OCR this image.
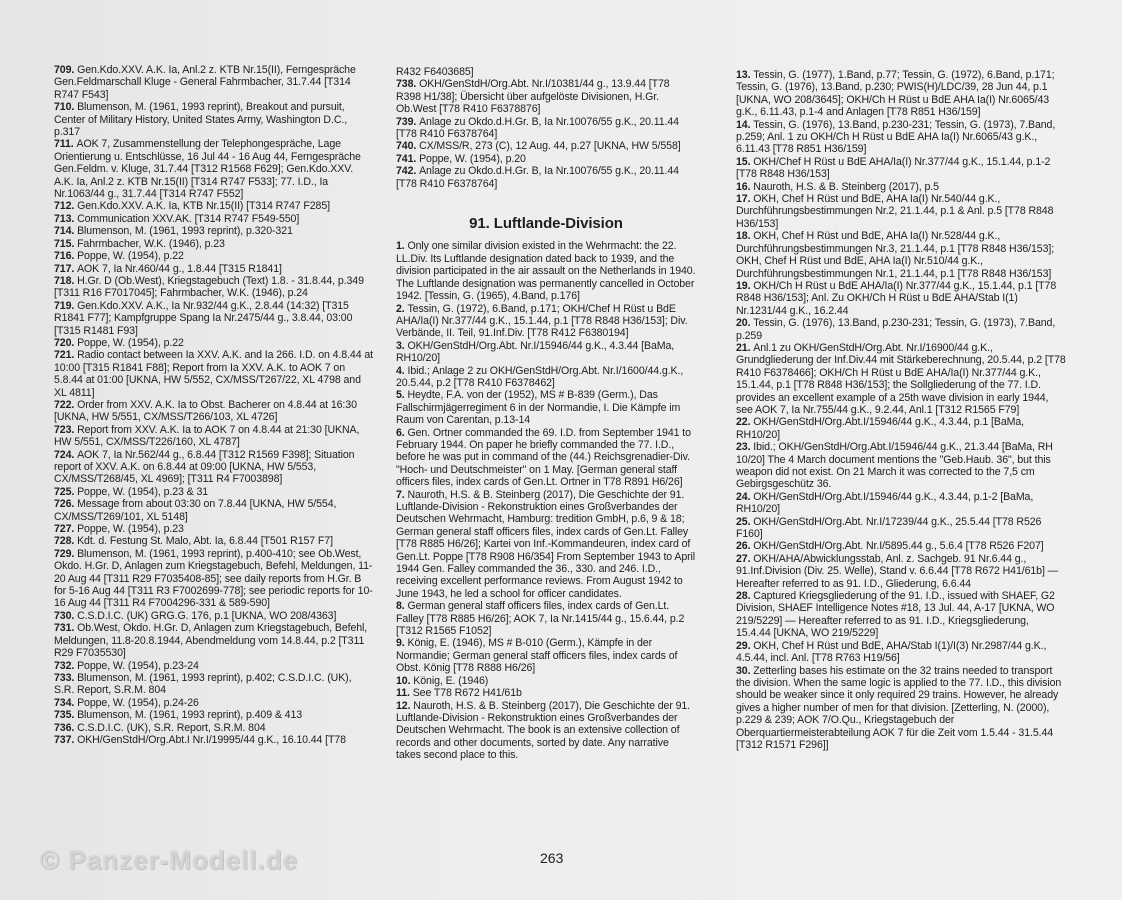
709. Gen.Kdo.XXV. A.K. Ia, Anl.2 z. KTB Nr.15(II), Ferngespräche Gen.Feldmarschall Kluge - General Fahrmbacher, 31.7.44 [T314 R747 F543]

710. Blumenson, M. (1961, 1993 reprint), Breakout and pursuit, Center of Military History, United States Army, Washington D.C., p.317

711. AOK 7, Zusammenstellung der Telephongespräche, Lage Orientierung u. Entschlüsse, 16 Jul 44 - 16 Aug 44, Ferngespräche Gen.Feldm. v. Kluge, 31.7.44 [T312 R1568 F629]; Gen.Kdo.XXV. A.K. Ia, Anl.2 z. KTB Nr.15(II) [T314 R747 F533]; 77. I.D., Ia Nr.1063/44 g., 31.7.44 [T314 R747 F552]

712. Gen.Kdo.XXV. A.K. Ia, KTB Nr.15(II) [T314 R747 F285]

713. Communication XXV.AK. [T314 R747 F549-550]

714. Blumenson, M. (1961, 1993 reprint), p.320-321

715. Fahrmbacher, W.K. (1946), p.23

716. Poppe, W. (1954), p.22

717. AOK 7, Ia Nr.460/44 g., 1.8.44 [T315 R1841]

718. H.Gr. D (Ob.West), Kriegstagebuch (Text) 1.8. - 31.8.44, p.349 [T311 R16 F7017045]; Fahrmbacher, W.K. (1946), p.24

719. Gen.Kdo.XXV. A.K., Ia Nr.932/44 g.K., 2.8.44 (14:32) [T315 R1841 F77]; Kampfgruppe Spang Ia Nr.2475/44 g., 3.8.44, 03:00 [T315 R1481 F93]

720. Poppe, W. (1954), p.22

721. Radio contact between Ia XXV. A.K. and Ia 266. I.D. on 4.8.44 at 10:00 [T315 R1841 F88]; Report from Ia XXV. A.K. to AOK 7 on 5.8.44 at 01:00 [UKNA, HW 5/552, CX/MSS/T267/22, XL 4798 and XL 4811]

722. Order from XXV. A.K. Ia to Obst. Bacherer on 4.8.44 at 16:30 [UKNA, HW 5/551, CX/MSS/T266/103, XL 4726]

723. Report from XXV. A.K. Ia to AOK 7 on 4.8.44 at 21:30 [UKNA, HW 5/551, CX/MSS/T226/160, XL 4787]

724. AOK 7, Ia Nr.562/44 g., 6.8.44 [T312 R1569 F398]; Situation report of XXV. A.K. on 6.8.44 at 09:00 [UKNA, HW 5/553, CX/MSS/T268/45, XL 4969]; [T311 R4 F7003898]

725. Poppe, W. (1954), p.23 & 31

726. Message from about 03:30 on 7.8.44 [UKNA, HW 5/554, CX/MSS/T269/101, XL 5148]

727. Poppe, W. (1954), p.23

728. Kdt. d. Festung St. Malo, Abt. Ia, 6.8.44 [T501 R157 F7]

729. Blumenson, M. (1961, 1993 reprint), p.400-410; see Ob.West, Okdo. H.Gr. D, Anlagen zum Kriegstagebuch, Befehl, Meldungen, 11-20 Aug 44 [T311 R29 F7035408-85]; see daily reports from H.Gr. B for 5-16 Aug 44 [T311 R3 F7002699-778]; see periodic reports for 10-16 Aug 44 [T311 R4 F7004296-331 & 589-590]

730. C.S.D.I.C. (UK) GRG.G. 176, p.1 [UKNA, WO 208/4363]

731. Ob.West, Okdo. H.Gr. D, Anlagen zum Kriegstagebuch, Befehl, Meldungen, 11.8-20.8.1944, Abendmeldung vom 14.8.44, p.2 [T311 R29 F7035530]

732. Poppe, W. (1954), p.23-24

733. Blumenson, M. (1961, 1993 reprint), p.402; C.S.D.I.C. (UK), S.R. Report, S.R.M. 804

734. Poppe, W. (1954), p.24-26

735. Blumenson, M. (1961, 1993 reprint), p.409 & 413

736. C.S.D.I.C. (UK), S.R. Report, S.R.M. 804

737. OKH/GenStdH/Org.Abt.I Nr.I/19995/44 g.K., 16.10.44 [T78

R432 F6403685]

738. OKH/GenStdH/Org.Abt. Nr.I/10381/44 g., 13.9.44 [T78 R398 H1/38]; Übersicht über aufgelöste Divisionen, H.Gr. Ob.West [T78 R410 F6378876]

739. Anlage zu Okdo.d.H.Gr. B, Ia Nr.10076/55 g.K., 20.11.44 [T78 R410 F6378764]

740. CX/MSS/R, 273 (C), 12 Aug. 44, p.27 [UKNA, HW 5/558]

741. Poppe, W. (1954), p.20

742. Anlage zu Okdo.d.H.Gr. B, Ia Nr.10076/55 g.K., 20.11.44 [T78 R410 F6378764]

91. Luftlande-Division

1. Only one similar division existed in the Wehrmacht: the 22. LL.Div. Its Luftlande designation dated back to 1939, and the division participated in the air assault on the Netherlands in 1940. The Luftlande designation was permanently cancelled in October 1942. [Tessin, G. (1965), 4.Band, p.176]

2. Tessin, G. (1972), 6.Band, p.171; OKH/Chef H Rüst u BdE AHA/Ia(I) Nr.377/44 g.K., 15.1.44, p.1 [T78 R848 H36/153]; Div. Verbände, II. Teil, 91.Inf.Div. [T78 R412 F6380194]

3. OKH/GenStdH/Org.Abt. Nr.I/15946/44 g.K., 4.3.44 [BaMa, RH10/20]

4. Ibid.; Anlage 2 zu OKH/GenStdH/Org.Abt. Nr.I/1600/44.g.K., 20.5.44, p.2 [T78 R410 F6378462]

5. Heydte, F.A. von der (1952), MS # B-839 (Germ.), Das Fallschirmjägerregiment 6 in der Normandie, I. Die Kämpfe im Raum von Carentan, p.13-14

6. Gen. Ortner commanded the 69. I.D. from September 1941 to February 1944. On paper he briefly commanded the 77. I.D., before he was put in command of the (44.) Reichsgrenadier-Div. "Hoch- und Deutschmeister" on 1 May. [German general staff officers files, index cards of Gen.Lt. Ortner in T78 R891 H6/26]

7. Nauroth, H.S. & B. Steinberg (2017), Die Geschichte der 91. Luftlande-Division - Rekonstruktion eines Großverbandes der Deutschen Wehrmacht, Hamburg: tredition GmbH, p.6, 9 & 18; German general staff officers files, index cards of Gen.Lt. Falley [T78 R885 H6/26]; Kartei von Inf.-Kommandeuren, index card of Gen.Lt. Poppe [T78 R908 H6/354] From September 1943 to April 1944 Gen. Falley commanded the 36., 330. and 246. I.D., receiving excellent performance reviews. From August 1942 to June 1943, he led a school for officer candidates.

8. German general staff officers files, index cards of Gen.Lt. Falley [T78 R885 H6/26]; AOK 7, Ia Nr.1415/44 g., 15.6.44, p.2 [T312 R1565 F1052]

9. König, E. (1946), MS # B-010 (Germ.), Kämpfe in der Normandie; German general staff officers files, index cards of Obst. König [T78 R888 H6/26]

10. König, E. (1946)

11. See T78 R672 H41/61b

12. Nauroth, H.S. & B. Steinberg (2017), Die Geschichte der 91. Luftlande-Division - Rekonstruktion eines Großverbandes der Deutschen Wehrmacht. The book is an extensive collection of records and other documents, sorted by date. Any narrative takes second place to this.

13. Tessin, G. (1977), 1.Band, p.77; Tessin, G. (1972), 6.Band, p.171; Tessin, G. (1976), 13.Band, p.230; PWIS(H)/LDC/39, 28 Jun 44, p.1 [UKNA, WO 208/3645]; OKH/Ch H Rüst u BdE AHA Ia(I) Nr.6065/43 g.K., 6.11.43, p.1-4 and Anlagen [T78 R851 H36/159]

14. Tessin, G. (1976), 13.Band, p.230-231; Tessin, G. (1973), 7.Band, p.259; Anl. 1 zu OKH/Ch H Rüst u BdE AHA Ia(I) Nr.6065/43 g.K., 6.11.43 [T78 R851 H36/159]

15. OKH/Chef H Rüst u BdE AHA/Ia(I) Nr.377/44 g.K., 15.1.44, p.1-2 [T78 R848 H36/153]

16. Nauroth, H.S. & B. Steinberg (2017), p.5

17. OKH, Chef H Rüst und BdE, AHA Ia(I) Nr.540/44 g.K., Durchführungsbestimmungen Nr.2, 21.1.44, p.1 & Anl. p.5 [T78 R848 H36/153]

18. OKH, Chef H Rüst und BdE, AHA Ia(I) Nr.528/44 g.K., Durchführungsbestimmungen Nr.3, 21.1.44, p.1 [T78 R848 H36/153]; OKH, Chef H Rüst und BdE, AHA Ia(I) Nr.510/44 g.K., Durchführungsbestimmungen Nr.1, 21.1.44, p.1 [T78 R848 H36/153]

19. OKH/Ch H Rüst u BdE AHA/Ia(I) Nr.377/44 g.K., 15.1.44, p.1 [T78 R848 H36/153]; Anl. Zu OKH/Ch H Rüst u BdE AHA/Stab I(1) Nr.1231/44 g.K., 16.2.44

20. Tessin, G. (1976), 13.Band, p.230-231; Tessin, G. (1973), 7.Band, p.259

21. Anl.1 zu OKH/GenStdH/Org.Abt. Nr.I/16900/44 g.K., Grundgliederung der Inf.Div.44 mit Stärkeberechnung, 20.5.44, p.2 [T78 R410 F6378466]; OKH/Ch H Rüst u BdE AHA/Ia(I) Nr.377/44 g.K., 15.1.44, p.1 [T78 R848 H36/153]; the Sollgliederung of the 77. I.D. provides an excellent example of a 25th wave division in early 1944, see AOK 7, Ia Nr.755/44 g.K., 9.2.44, Anl.1 [T312 R1565 F79]

22. OKH/GenStdH/Org.Abt.I/15946/44 g.K., 4.3.44, p.1 [BaMa, RH10/20]

23. Ibid.; OKH/GenStdH/Org.Abt.I/15946/44 g.K., 21.3.44 [BaMa, RH 10/20] The 4 March document mentions the "Geb.Haub. 36", but this weapon did not exist. On 21 March it was corrected to the 7,5 cm Gebirgsgeschütz 36.

24. OKH/GenStdH/Org.Abt.I/15946/44 g.K., 4.3.44, p.1-2 [BaMa, RH10/20]

25. OKH/GenStdH/Org.Abt. Nr.I/17239/44 g.K., 25.5.44 [T78 R526 F160]

26. OKH/GenStdH/Org.Abt. Nr.I/5895.44 g., 5.6.4 [T78 R526 F207]

27. OKH/AHA/Abwicklungsstab, Anl. z. Sachgeb. 91 Nr.6.44 g., 91.Inf.Division (Div. 25. Welle), Stand v. 6.6.44 [T78 R672 H41/61b] — Hereafter referred to as 91. I.D., Gliederung, 6.6.44

28. Captured Kriegsgliederung of the 91. I.D., issued with SHAEF, G2 Division, SHAEF Intelligence Notes #18, 13 Jul. 44, A-17 [UKNA, WO 219/5229] — Hereafter referred to as 91. I.D., Kriegsgliederung, 15.4.44 [UKNA, WO 219/5229]

29. OKH, Chef H Rüst und BdE, AHA/Stab I(1)/I(3) Nr.2987/44 g.K., 4.5.44, incl. Anl. [T78 R763 H19/56]

30. Zetterling bases his estimate on the 32 trains needed to transport the division. When the same logic is applied to the 77. I.D., this division should be weaker since it only required 29 trains. However, he already gives a higher number of men for that division. [Zetterling, N. (2000), p.229 & 239; AOK 7/O.Qu., Kriegstagebuch der Oberquartiermeisterabteilung AOK 7 für die Zeit vom 1.5.44 - 31.5.44 [T312 R1571 F296]]

263
© Panzer-Modell.de
